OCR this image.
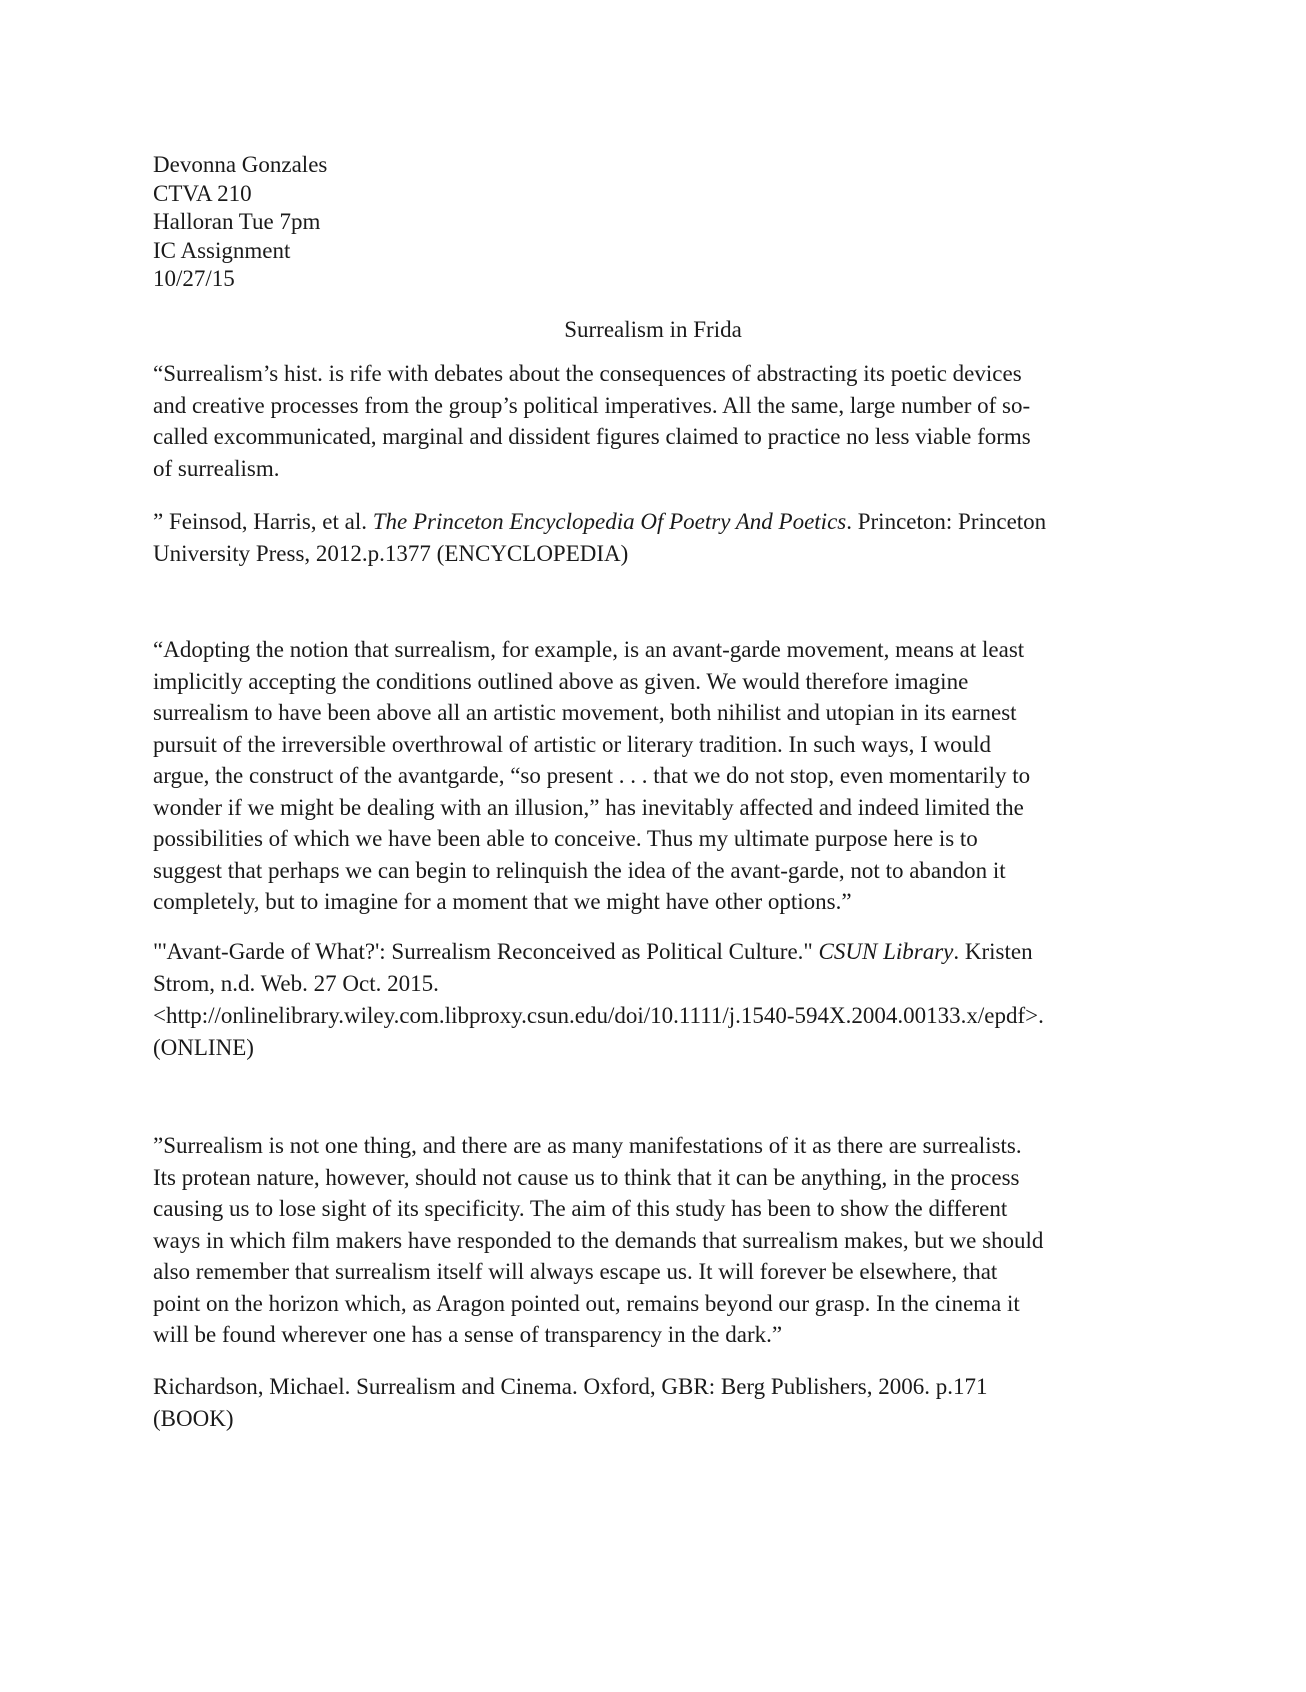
Devonna Gonzales
CTVA 210
Halloran Tue 7pm
IC Assignment
10/27/15
Surrealism in Frida
“Surrealism’s hist. is rife with debates about the consequences of abstracting its poetic devices
and creative processes from the group’s political imperatives. All the same, large number of so-
called excommunicated, marginal and dissident figures claimed to practice no less viable forms
of surrealism.
” Feinsod, Harris, et al. The Princeton Encyclopedia Of Poetry And Poetics. Princeton: Princeton
University Press, 2012.p.1377 (ENCYCLOPEDIA)
“Adopting the notion that surrealism, for example, is an avant-garde movement, means at least
implicitly accepting the conditions outlined above as given. We would therefore imagine
surrealism to have been above all an artistic movement, both nihilist and utopian in its earnest
pursuit of the irreversible overthrowal of artistic or literary tradition. In such ways, I would
argue, the construct of the avantgarde, “so present . . . that we do not stop, even momentarily to
wonder if we might be dealing with an illusion,” has inevitably affected and indeed limited the
possibilities of which we have been able to conceive. Thus my ultimate purpose here is to
suggest that perhaps we can begin to relinquish the idea of the avant-garde, not to abandon it
completely, but to imagine for a moment that we might have other options.”
"'Avant-Garde of What?': Surrealism Reconceived as Political Culture." CSUN Library. Kristen
Strom, n.d. Web. 27 Oct. 2015.
<http://onlinelibrary.wiley.com.libproxy.csun.edu/doi/10.1111/j.1540-594X.2004.00133.x/epdf>.
(ONLINE)
”Surrealism is not one thing, and there are as many manifestations of it as there are surrealists.
Its protean nature, however, should not cause us to think that it can be anything, in the process
causing us to lose sight of its specificity. The aim of this study has been to show the different
ways in which film makers have responded to the demands that surrealism makes, but we should
also remember that surrealism itself will always escape us. It will forever be elsewhere, that
point on the horizon which, as Aragon pointed out, remains beyond our grasp. In the cinema it
will be found wherever one has a sense of transparency in the dark.”
Richardson, Michael. Surrealism and Cinema. Oxford, GBR: Berg Publishers, 2006. p.171
(BOOK)
